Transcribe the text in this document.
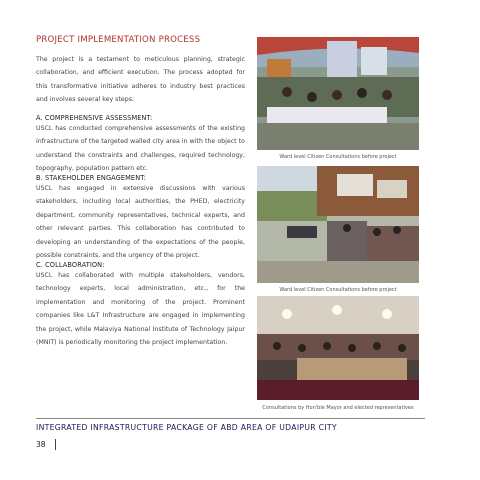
PROJECT IMPLEMENTATION PROCESS
The project is a testament to meticulous planning, strategic collaboration, and efficient execution. The process adopted for this transformative initiative adheres to industry best practices and involves several key steps:
A. COMPREHENSIVE ASSESSMENT:
USCL has conducted comprehensive assessments of the existing infrastructure of the targeted walled city area in with the object to understand the constraints and challenges, required technology, topography, population pattern etc.
B. STAKEHOLDER ENGAGEMENT:
USCL has engaged in extensive discussions with various stakeholders, including local authorities, the PHED, electricity department, community representatives, technical experts, and other relevant parties. This collaboration has contributed to developing an understanding of the expectations of the people, possible constraints, and the urgency of the project.
C. COLLABORATION:
USCL has collaborated with multiple stakeholders, vendors, technology experts, local administration, etc., for the implementation and monitoring of the project. Prominent companies like L&T Infrastructure are engaged in implementing the project, while Malaviya National Institute of Technology Jaipur (MNIT) is periodically monitoring the project implementation.
Ward level Citizen Consultations before project
Ward level Citizen Consultations before project
Consultations by Hon'ble Mayor and elected representatives
INTEGRATED INFRASTRUCTURE PACKAGE OF ABD AREA OF UDAIPUR CITY
38
